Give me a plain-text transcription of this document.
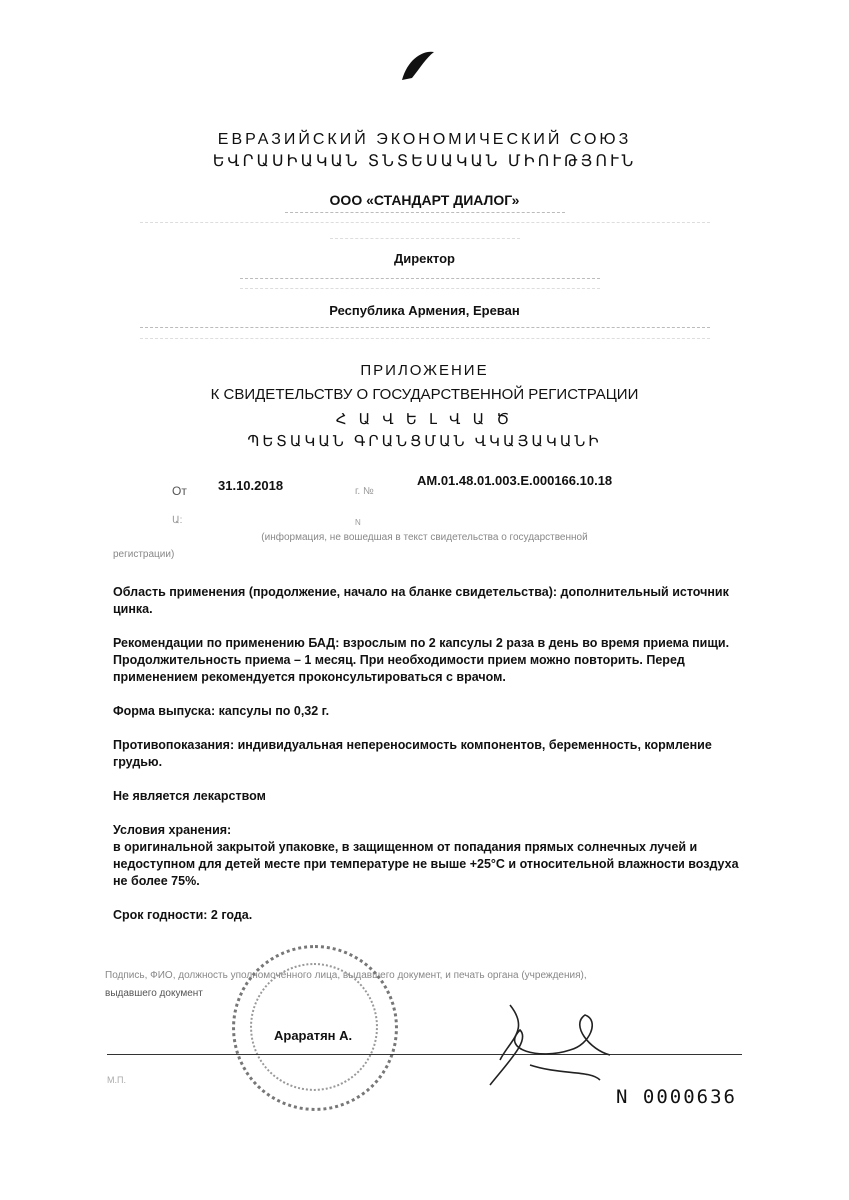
ЕВРАЗИЙСКИЙ ЭКОНОМИЧЕСКИЙ СОЮЗ
ԵՎՐԱՍԻԱԿԱՆ ՏՆՏԵՍԱԿԱՆ ՄԻՈՒԹՅՈՒՆ
ООО «СТАНДАРТ ДИАЛОГ»
Директор
Республика Армения, Ереван
ПРИЛОЖЕНИЕ
К СВИДЕТЕЛЬСТВУ О ГОСУДАРСТВЕННОЙ РЕГИСТРАЦИИ
Հ Ա Վ Ե Լ Վ Ա Ծ
ՊԵՏԱԿԱՆ ԳՐԱՆՑՄԱՆ ՎԿԱՅԱԿԱՆԻ
От 31.10.2018	г. №
AM.01.48.01.003.E.000166.10.18
Ա:	N
(информация, не вошедшая в текст свидетельства о государственной
регистрации)

Область применения (продолжение, начало на бланке свидетельства): дополнительный источник цинка.

Рекомендации по применению БАД: взрослым по 2 капсулы 2 раза в день во время приема пищи. Продолжительность приема – 1 месяц. При необходимости прием можно повторить. Перед применением рекомендуется проконсультироваться с врачом.

Форма выпуска: капсулы по 0,32 г.

Противопоказания: индивидуальная непереносимость компонентов, беременность, кормление грудью.

Не является лекарством

Условия хранения:
в оригинальной закрытой упаковке, в защищенном от попадания прямых солнечных лучей и недоступном для детей месте при температуре не выше +25°C и относительной влажности воздуха не более 75%.

Срок годности: 2 года.

Подпись, ФИО, должность уполномоченного лица, выдавшего документ, и печать органа (учреждения),
выдавшего документ
Араратян А.
М.П.
N 0000636
